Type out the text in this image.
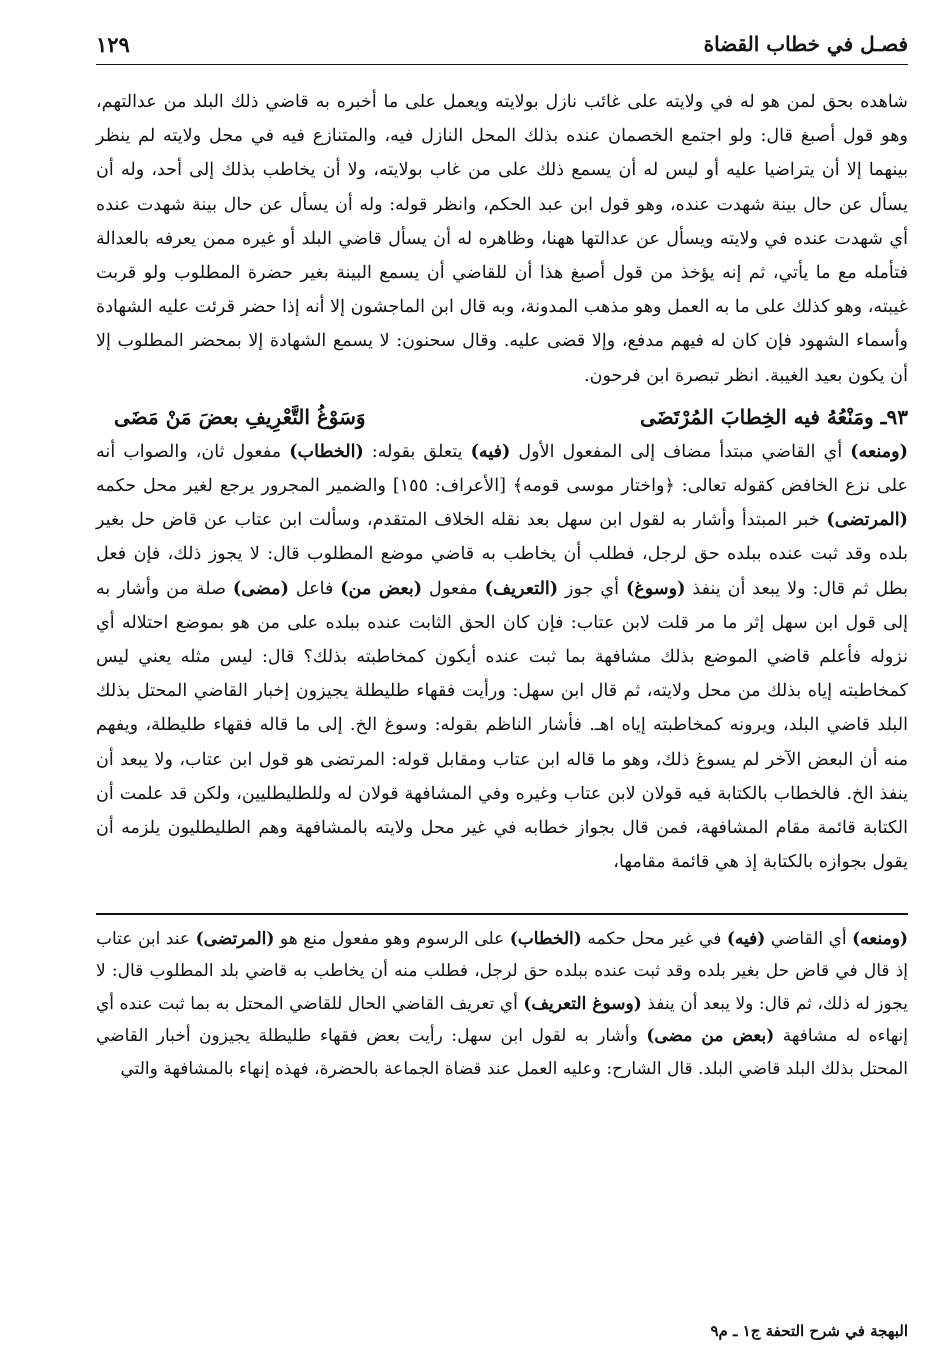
فصـل في خطاب القضاة
١٢٩

شاهده بحق لمن هو له في ولايته على غائب نازل بولايته ويعمل على ما أخبره به قاضي ذلك البلد من عدالتهم، وهو قول أصبغ قال: ولو اجتمع الخصمان عنده بذلك المحل النازل فيه، والمتنازع فيه في محل ولايته لم ينظر بينهما إلا أن يتراضيا عليه أو ليس له أن يسمع ذلك على من غاب بولايته، ولا أن يخاطب بذلك إلى أحد، وله أن يسأل عن حال بينة شهدت عنده، وهو قول ابن عبد الحكم، وانظر قوله: وله أن يسأل عن حال بينة شهدت عنده أي شهدت عنده في ولايته ويسأل عن عدالتها ههنا، وظاهره له أن يسأل قاضي البلد أو غيره ممن يعرفه بالعدالة فتأمله مع ما يأتي، ثم إنه يؤخذ من قول أصبغ هذا أن للقاضي أن يسمع البينة بغير حضرة المطلوب ولو قربت غيبته، وهو كذلك على ما به العمل وهو مذهب المدونة، وبه قال ابن الماجشون إلا أنه إذا حضر قرئت عليه الشهادة وأسماء الشهود فإن كان له فيهم مدفع، وإلا قضى عليه. وقال سحنون: لا يسمع الشهادة إلا بمحضر المطلوب إلا أن يكون بعيد الغيبة. انظر تبصرة ابن فرحون.

٩٣ـ ومَنْعُهُ فيه الخِطابَ المُرْتَضَى
وَسَوْغُ التَّعْرِيفِ بعضَ مَنْ مَضَى

(ومنعه) أي القاضي مبتدأ مضاف إلى المفعول الأول (فيه) يتعلق بقوله: (الخطاب) مفعول ثان، والصواب أنه على نزع الخافض كقوله تعالى: ﴿واختار موسى قومه﴾ [الأعراف: ١٥٥] والضمير المجرور يرجع لغير محل حكمه (المرتضى) خبر المبتدأ وأشار به لقول ابن سهل بعد نقله الخلاف المتقدم، وسألت ابن عتاب عن قاض حل بغير بلده وقد ثبت عنده ببلده حق لرجل، فطلب أن يخاطب به قاضي موضع المطلوب قال: لا يجوز ذلك، فإن فعل بطل ثم قال: ولا يبعد أن ينفذ (وسوغ) أي جوز (التعريف) مفعول (بعض من) فاعل (مضى) صلة من وأشار به إلى قول ابن سهل إثر ما مر قلت لابن عتاب: فإن كان الحق الثابت عنده ببلده على من هو بموضع احتلاله أي نزوله فأعلم قاضي الموضع بذلك مشافهة بما ثبت عنده أيكون كمخاطبته بذلك؟ قال: ليس مثله يعني ليس كمخاطبته إياه بذلك من محل ولايته، ثم قال ابن سهل: ورأيت فقهاء طليطلة يجيزون إخبار القاضي المحتل بذلك البلد قاضي البلد، ويرونه كمخاطبته إياه اهـ. فأشار الناظم بقوله: وسوغ الخ. إلى ما قاله فقهاء طليطلة، ويفهم منه أن البعض الآخر لم يسوغ ذلك، وهو ما قاله ابن عتاب ومقابل قوله: المرتضى هو قول ابن عتاب، ولا يبعد أن ينفذ الخ. فالخطاب بالكتابة فيه قولان لابن عتاب وغيره وفي المشافهة قولان له وللطليطليين، ولكن قد علمت أن الكتابة قائمة مقام المشافهة، فمن قال بجواز خطابه في غير محل ولايته بالمشافهة وهم الطليطليون يلزمه أن يقول بجوازه بالكتابة إذ هي قائمة مقامها،

(ومنعه) أي القاضي (فيه) في غير محل حكمه (الخطاب) على الرسوم وهو مفعول منع هو (المرتضى) عند ابن عتاب إذ قال في قاض حل بغير بلده وقد ثبت عنده ببلده حق لرجل، فطلب منه أن يخاطب به قاضي بلد المطلوب قال: لا يجوز له ذلك، ثم قال: ولا يبعد أن ينفذ (وسوغ التعريف) أي تعريف القاضي الحال للقاضي المحتل به بما ثبت عنده أي إنهاءه له مشافهة (بعض من مضى) وأشار به لقول ابن سهل: رأيت بعض فقهاء طليطلة يجيزون أخبار القاضي المحتل بذلك البلد قاضي البلد. قال الشارح: وعليه العمل عند قضاة الجماعة بالحضرة، فهذه إنهاء بالمشافهة والتي

البهجة في شرح التحفة ج١ ـ م٩
